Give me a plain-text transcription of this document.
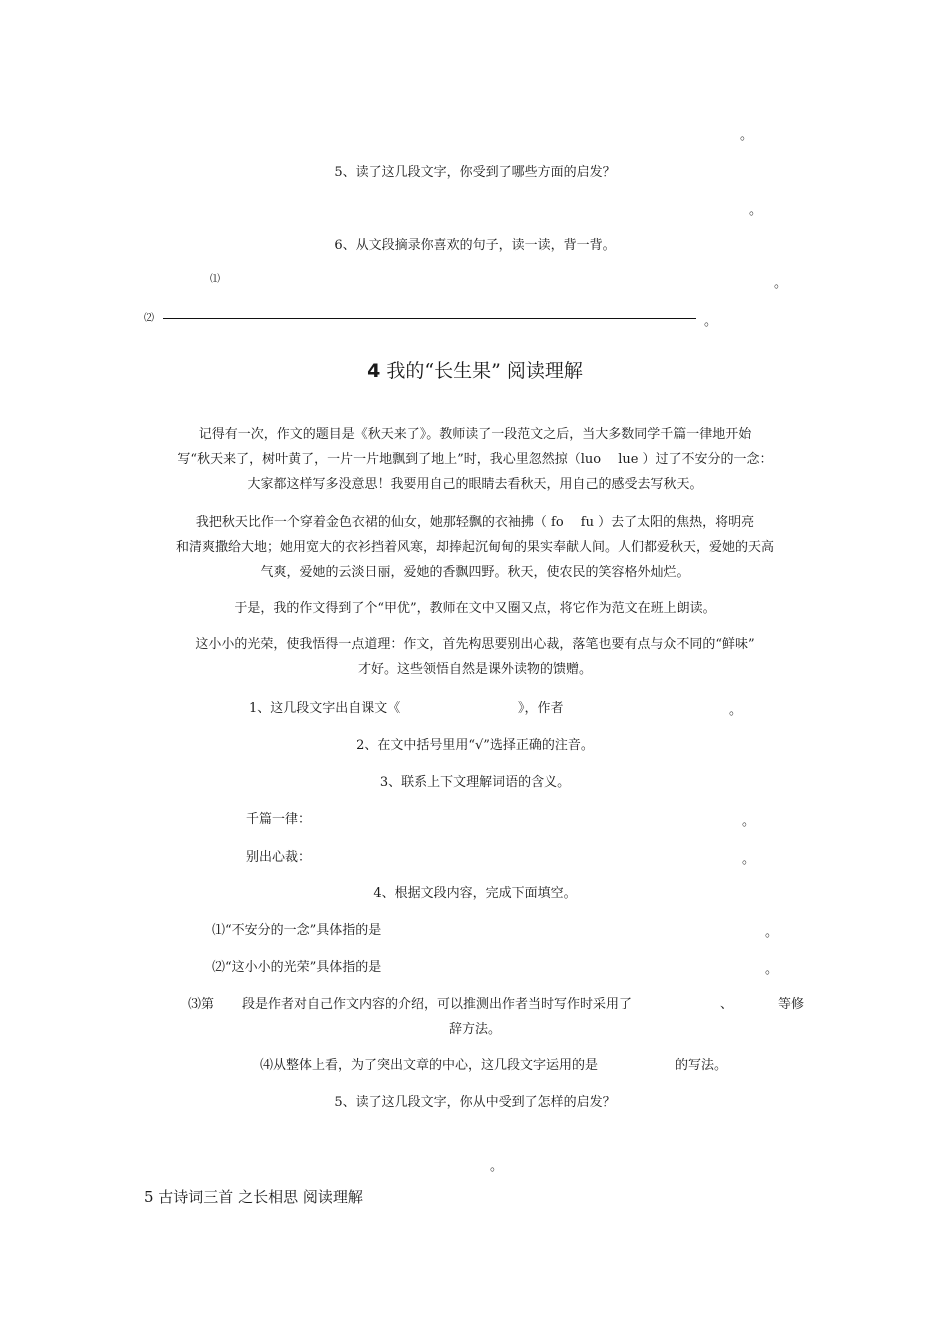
。
5、读了这几段文字，你受到了哪些方面的启发？
。
6、从文段摘录你喜欢的句子，读一读，背一背。
⑴	。
⑵	。
4 我的“长生果” 阅读理解

记得有一次，作文的题目是《秋天来了》。教师读了一段范文之后，当大多数同学千篇一律地开始

写“秋天来了，树叶黄了，一片一片地飘到了地上”时，我心里忽然掠（luo　 lue ）过了不安分的一念：

大家都这样写多没意思！我要用自己的眼睛去看秋天，用自己的感受去写秋天。

我把秋天比作一个穿着金色衣裙的仙女，她那轻飘的衣袖拂（ fo　 fu ）去了太阳的焦热，将明亮

和清爽撒给大地；她用宽大的衣衫挡着风寒，却捧起沉甸甸的果实奉献人间。人们都爱秋天，爱她的天高

气爽，爱她的云淡日丽，爱她的香飘四野。秋天，使农民的笑容格外灿烂。

于是，我的作文得到了个“甲优”，教师在文中又圈又点，将它作为范文在班上朗读。

这小小的光荣，使我悟得一点道理：作文，首先构思要别出心裁，落笔也要有点与众不同的“鲜味”

才好。这些领悟自然是课外读物的馈赠。

1、这几段文字出自课文《	》，作者	。
2、在文中括号里用“√”选择正确的注音。
3、联系上下文理解词语的含义。
千篇一律：	。
别出心裁：	。
4、根据文段内容，完成下面填空。
⑴“不安分的一念”具体指的是	。
⑵“这小小的光荣”具体指的是	。
⑶第 段是作者对自己作文内容的介绍，可以推测出作者当时写作时采用了	、	等修
辞方法。
⑷从整体上看，为了突出文章的中心，这几段文字运用的是	的写法。
5、读了这几段文字，你从中受到了怎样的启发？
。
5 古诗词三首 之长相思 阅读理解
